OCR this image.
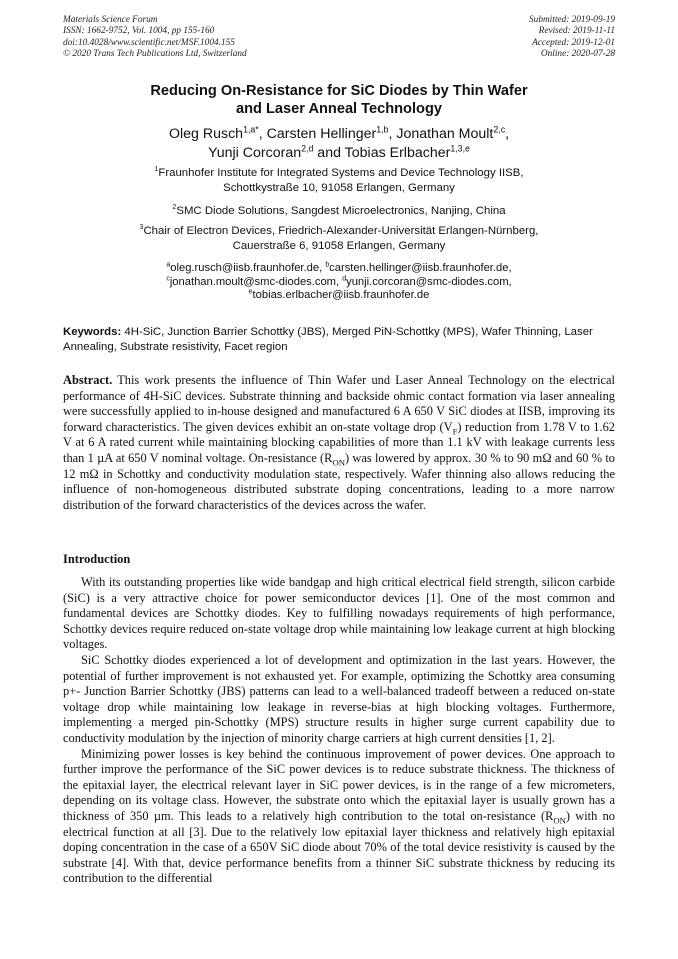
Materials Science Forum
ISSN: 1662-9752, Vol. 1004, pp 155-160
doi:10.4028/www.scientific.net/MSF.1004.155
© 2020 Trans Tech Publications Ltd, Switzerland
Submitted: 2019-09-19
Revised: 2019-11-11
Accepted: 2019-12-01
Online: 2020-07-28
Reducing On-Resistance for SiC Diodes by Thin Wafer
and Laser Anneal Technology
Oleg Rusch$^{1,a*}$, Carsten Hellinger$^{1,b}$, Jonathan Moult$^{2,c}$,
Yunji Corcoran$^{2,d}$ and Tobias Erlbacher$^{1,3,e}$
$^1$Fraunhofer Institute for Integrated Systems and Device Technology IISB,
Schottkystraße 10, 91058 Erlangen, Germany
$^2$SMC Diode Solutions, Sangdest Microelectronics, Nanjing, China
$^3$Chair of Electron Devices, Friedrich-Alexander-Universität Erlangen-Nürnberg,
Cauerstraße 6, 91058 Erlangen, Germany
$^a$oleg.rusch@iisb.fraunhofer.de, $^b$carsten.hellinger@iisb.fraunhofer.de,
$^c$jonathan.moult@smc-diodes.com, $^d$yunji.corcoran@smc-diodes.com,
$^e$tobias.erlbacher@iisb.fraunhofer.de
Keywords: 4H-SiC, Junction Barrier Schottky (JBS), Merged PiN-Schottky (MPS), Wafer Thinning, Laser Annealing, Substrate resistivity, Facet region
Abstract. This work presents the influence of Thin Wafer und Laser Anneal Technology on the electrical performance of 4H-SiC devices. Substrate thinning and backside ohmic contact formation via laser annealing were successfully applied to in-house designed and manufactured 6 A 650 V SiC diodes at IISB, improving its forward characteristics. The given devices exhibit an on-state voltage drop $(V_F)$ reduction from 1.78 V to 1.62 V at 6 A rated current while maintaining blocking capabilities of more than 1.1 kV with leakage currents less than 1 µA at 650 V nominal voltage. On-resistance $(R_{ON})$ was lowered by approx. 30 % to 90 mΩ and 60 % to 12 mΩ in Schottky and conductivity modulation state, respectively. Wafer thinning also allows reducing the influence of non-homogeneous distributed substrate doping concentrations, leading to a more narrow distribution of the forward characteristics of the devices across the wafer.
Introduction

With its outstanding properties like wide bandgap and high critical electrical field strength, silicon carbide (SiC) is a very attractive choice for power semiconductor devices [1]. One of the most common and fundamental devices are Schottky diodes. Key to fulfilling nowadays requirements of high performance, Schottky devices require reduced on-state voltage drop while maintaining low leakage current at high blocking voltages.

SiC Schottky diodes experienced a lot of development and optimization in the last years. However, the potential of further improvement is not exhausted yet. For example, optimizing the Schottky area consuming p+- Junction Barrier Schottky (JBS) patterns can lead to a well-balanced tradeoff between a reduced on-state voltage drop while maintaining low leakage in reverse-bias at high blocking voltages. Furthermore, implementing a merged pin-Schottky (MPS) structure results in higher surge current capability due to conductivity modulation by the injection of minority charge carriers at high current densities [1, 2].

Minimizing power losses is key behind the continuous improvement of power devices. One approach to further improve the performance of the SiC power devices is to reduce substrate thickness. The thickness of the epitaxial layer, the electrical relevant layer in SiC power devices, is in the range of a few micrometers, depending on its voltage class. However, the substrate onto which the epitaxial layer is usually grown has a thickness of 350 µm. This leads to a relatively high contribution to the total on-resistance $(R_{ON})$ with no electrical function at all [3]. Due to the relatively low epitaxial layer thickness and relatively high epitaxial doping concentration in the case of a 650V SiC diode about 70% of the total device resistivity is caused by the substrate [4]. With that, device performance benefits from a thinner SiC substrate thickness by reducing its contribution to the differential
